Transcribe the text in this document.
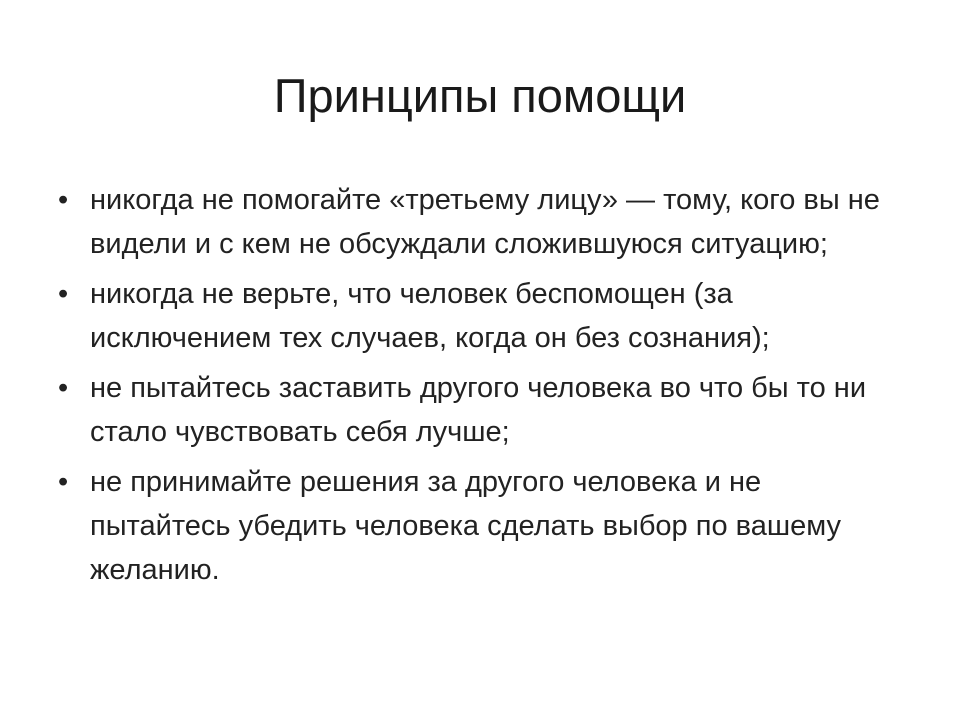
Принципы помощи
• никогда не помогайте «третьему лицу» — тому, кого вы не видели и с кем не обсуждали сложившуюся ситуацию;
• никогда не верьте, что человек беспомощен (за исключением тех случаев, когда он без сознания);
• не пытайтесь заставить другого человека во что бы то ни стало чувствовать себя лучше;
• не принимайте решения за другого человека и не пытайтесь убедить человека сделать выбор по вашему желанию.
